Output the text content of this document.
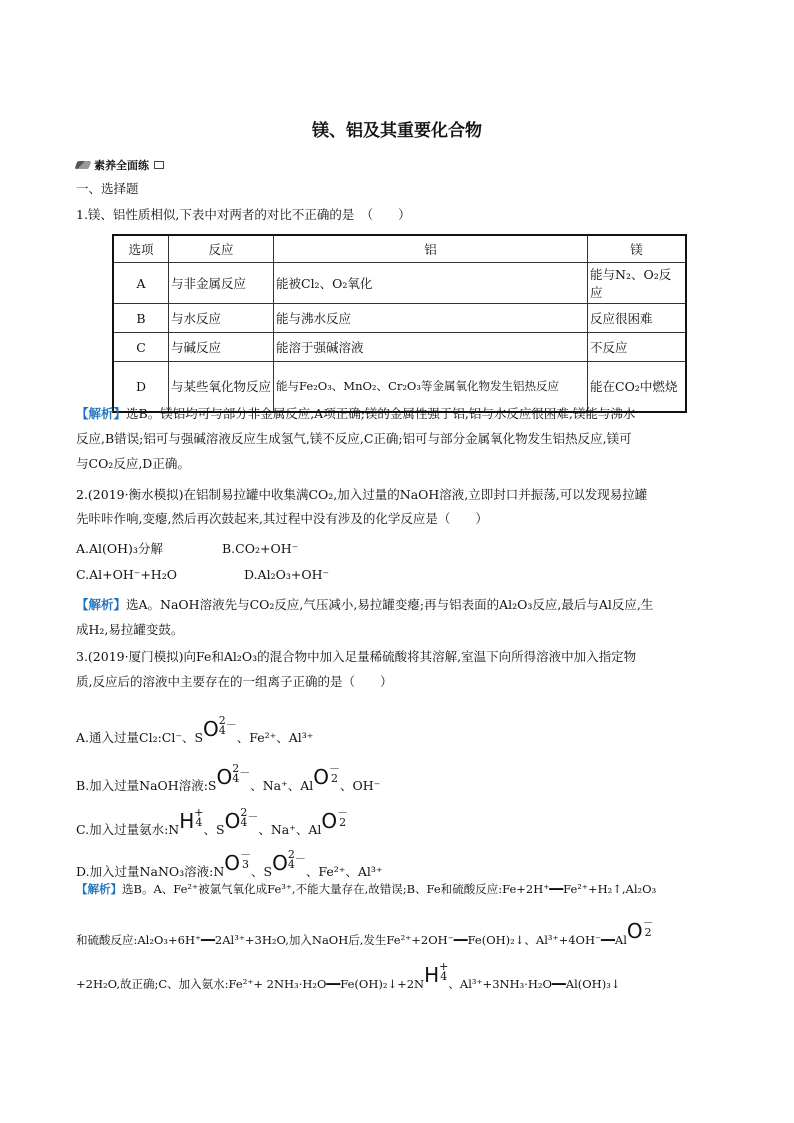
镁、铝及其重要化合物
素养全面练
一、选择题
1.镁、铝性质相似,下表中对两者的对比不正确的是　（　　）
选项	反应	铝	镁
A	与非金属反应	能被Cl₂、O₂氧化	能与N₂、O₂反应
B	与水反应	能与沸水反应	反应很困难
C	与碱反应	能溶于强碱溶液	不反应
D	与某些氧化物反应	能与Fe₂O₃、MnO₂、Cr₂O₃等金属氧化物发生铝热反应	能在CO₂中燃烧
【解析】选B。镁铝均可与部分非金属反应,A项正确;镁的金属性强于铝,铝与水反应很困难,镁能与沸水
反应,B错误;铝可与强碱溶液反应生成氢气,镁不反应,C正确;铝可与部分金属氧化物发生铝热反应,镁可
与CO₂反应,D正确。
2.(2019·衡水模拟)在铝制易拉罐中收集满CO₂,加入过量的NaOH溶液,立即封口并振荡,可以发现易拉罐
先咔咔作响,变瘪,然后再次鼓起来,其过程中没有涉及的化学反应是（　　）
A.Al(OH)₃分解	B.CO₂+OH⁻
C.Al+OH⁻+H₂O	D.Al₂O₃+OH⁻
【解析】选A。NaOH溶液先与CO₂反应,气压减小,易拉罐变瘪;再与铝表面的Al₂O₃反应,最后与Al反应,生
成H₂,易拉罐变鼓。
3.(2019·厦门模拟)向Fe和Al₂O₃的混合物中加入足量稀硫酸将其溶解,室温下向所得溶液中加入指定物
质,反应后的溶液中主要存在的一组离子正确的是（　　）
A.通入过量Cl₂:Cl⁻、SO2
4－、Fe²⁺、Al³⁺
B.加入过量NaOH溶液:SO2
4－、Na⁺、AlO－
2 、OH⁻
C.加入过量氨水:NH+
4、SO2
4－、Na⁺、AlO－
2
D.加入过量NaNO₃溶液:NO－
3 、SO2
4－、Fe²⁺、Al³⁺
【解析】选B。A、Fe²⁺被氯气氧化成Fe³⁺,不能大量存在,故错误;B、Fe和硫酸反应:Fe+2H⁺━━Fe²⁺+H₂↑,Al₂O₃
和硫酸反应:Al₂O₃+6H⁺━━2Al³⁺+3H₂O,加入NaOH后,发生Fe²⁺+2OH⁻━━Fe(OH)₂↓、Al³⁺+4OH⁻━━AlO－
2
+2H₂O,故正确;C、加入氨水:Fe²⁺+ 2NH₃·H₂O━━Fe(OH)₂↓+2NH+
4、Al³⁺+3NH₃·H₂O━━Al(OH)₃↓
